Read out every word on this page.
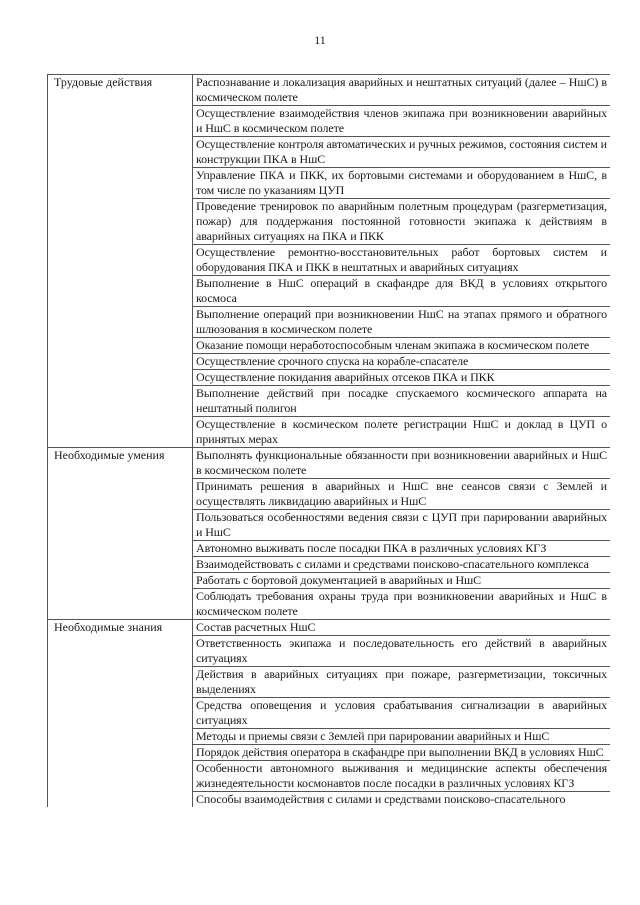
11
Трудовые действия	Распознавание и локализация аварийных и нештатных ситуаций (далее – НшС) в космическом полете
Осуществление взаимодействия членов экипажа при возникновении аварийных и НшС в космическом полете
Осуществление контроля автоматических и ручных режимов, состояния систем и конструкции ПКА в НшС
Управление ПКА и ПКК, их бортовыми системами и оборудованием в НшС, в том числе по указаниям ЦУП
Проведение тренировок по аварийным полетным процедурам (разгерметизация, пожар) для поддержания постоянной готовности экипажа к действиям в аварийных ситуациях на ПКА и ПКК
Осуществление ремонтно-восстановительных работ бортовых систем и оборудования ПКА и ПКК в нештатных и аварийных ситуациях
Выполнение в НшС операций в скафандре для ВКД в условиях открытого космоса
Выполнение операций при возникновении НшС на этапах прямого и обратного шлюзования в космическом полете
Оказание помощи неработоспособным членам экипажа в космическом полете
Осуществление срочного спуска на корабле-спасателе
Осуществление покидания аварийных отсеков ПКА и ПКК
Выполнение действий при посадке спускаемого космического аппарата на нештатный полигон
Осуществление в космическом полете регистрации НшС и доклад в ЦУП о принятых мерах
Необходимые умения	Выполнять функциональные обязанности при возникновении аварийных и НшС в космическом полете
Принимать решения в аварийных и НшС вне сеансов связи с Землей и осуществлять ликвидацию аварийных и НшС
Пользоваться особенностями ведения связи с ЦУП при парировании аварийных и НшС
Автономно выживать после посадки ПКА в различных условиях КГЗ
Взаимодействовать с силами и средствами поисково-спасательного комплекса
Работать с бортовой документацией в аварийных и НшС
Соблюдать требования охраны труда при возникновении аварийных и НшС в космическом полете
Необходимые знания	Состав расчетных НшС
Ответственность экипажа и последовательность его действий в аварийных ситуациях
Действия в аварийных ситуациях при пожаре, разгерметизации, токсичных выделениях
Средства оповещения и условия срабатывания сигнализации в аварийных ситуациях
Методы и приемы связи с Землей при парировании аварийных и НшС
Порядок действия оператора в скафандре при выполнении ВКД в условиях НшС
Особенности автономного выживания и медицинские аспекты обеспечения жизнедеятельности космонавтов после посадки в различных условиях КГЗ
Способы взаимодействия с силами и средствами поисково-спасательного
